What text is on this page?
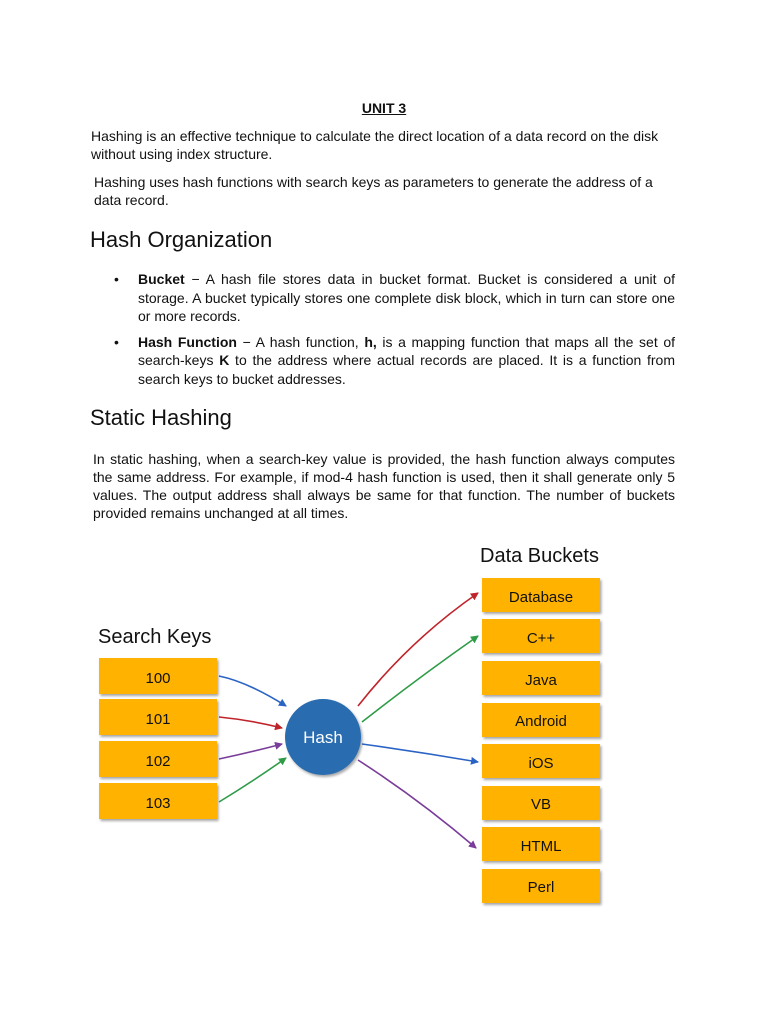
UNIT 3

Hashing is an effective technique to calculate the direct location of a data record on the disk without using index structure.

Hashing uses hash functions with search keys as parameters to generate the address of a data record.

Hash Organization
• Bucket − A hash file stores data in bucket format. Bucket is considered a unit of storage. A bucket typically stores one complete disk block, which in turn can store one or more records.
• Hash Function − A hash function, h, is a mapping function that maps all the set of search-keys K to the address where actual records are placed. It is a function from search keys to bucket addresses.
Static Hashing

In static hashing, when a search-key value is provided, the hash function always computes the same address. For example, if mod-4 hash function is used, then it shall generate only 5 values. The output address shall always be same for that function. The number of buckets provided remains unchanged at all times.

Search Keys
Data Buckets
100
101
102
103
Database
C++
Java
Android
iOS
VB
HTML
Perl
Hash
